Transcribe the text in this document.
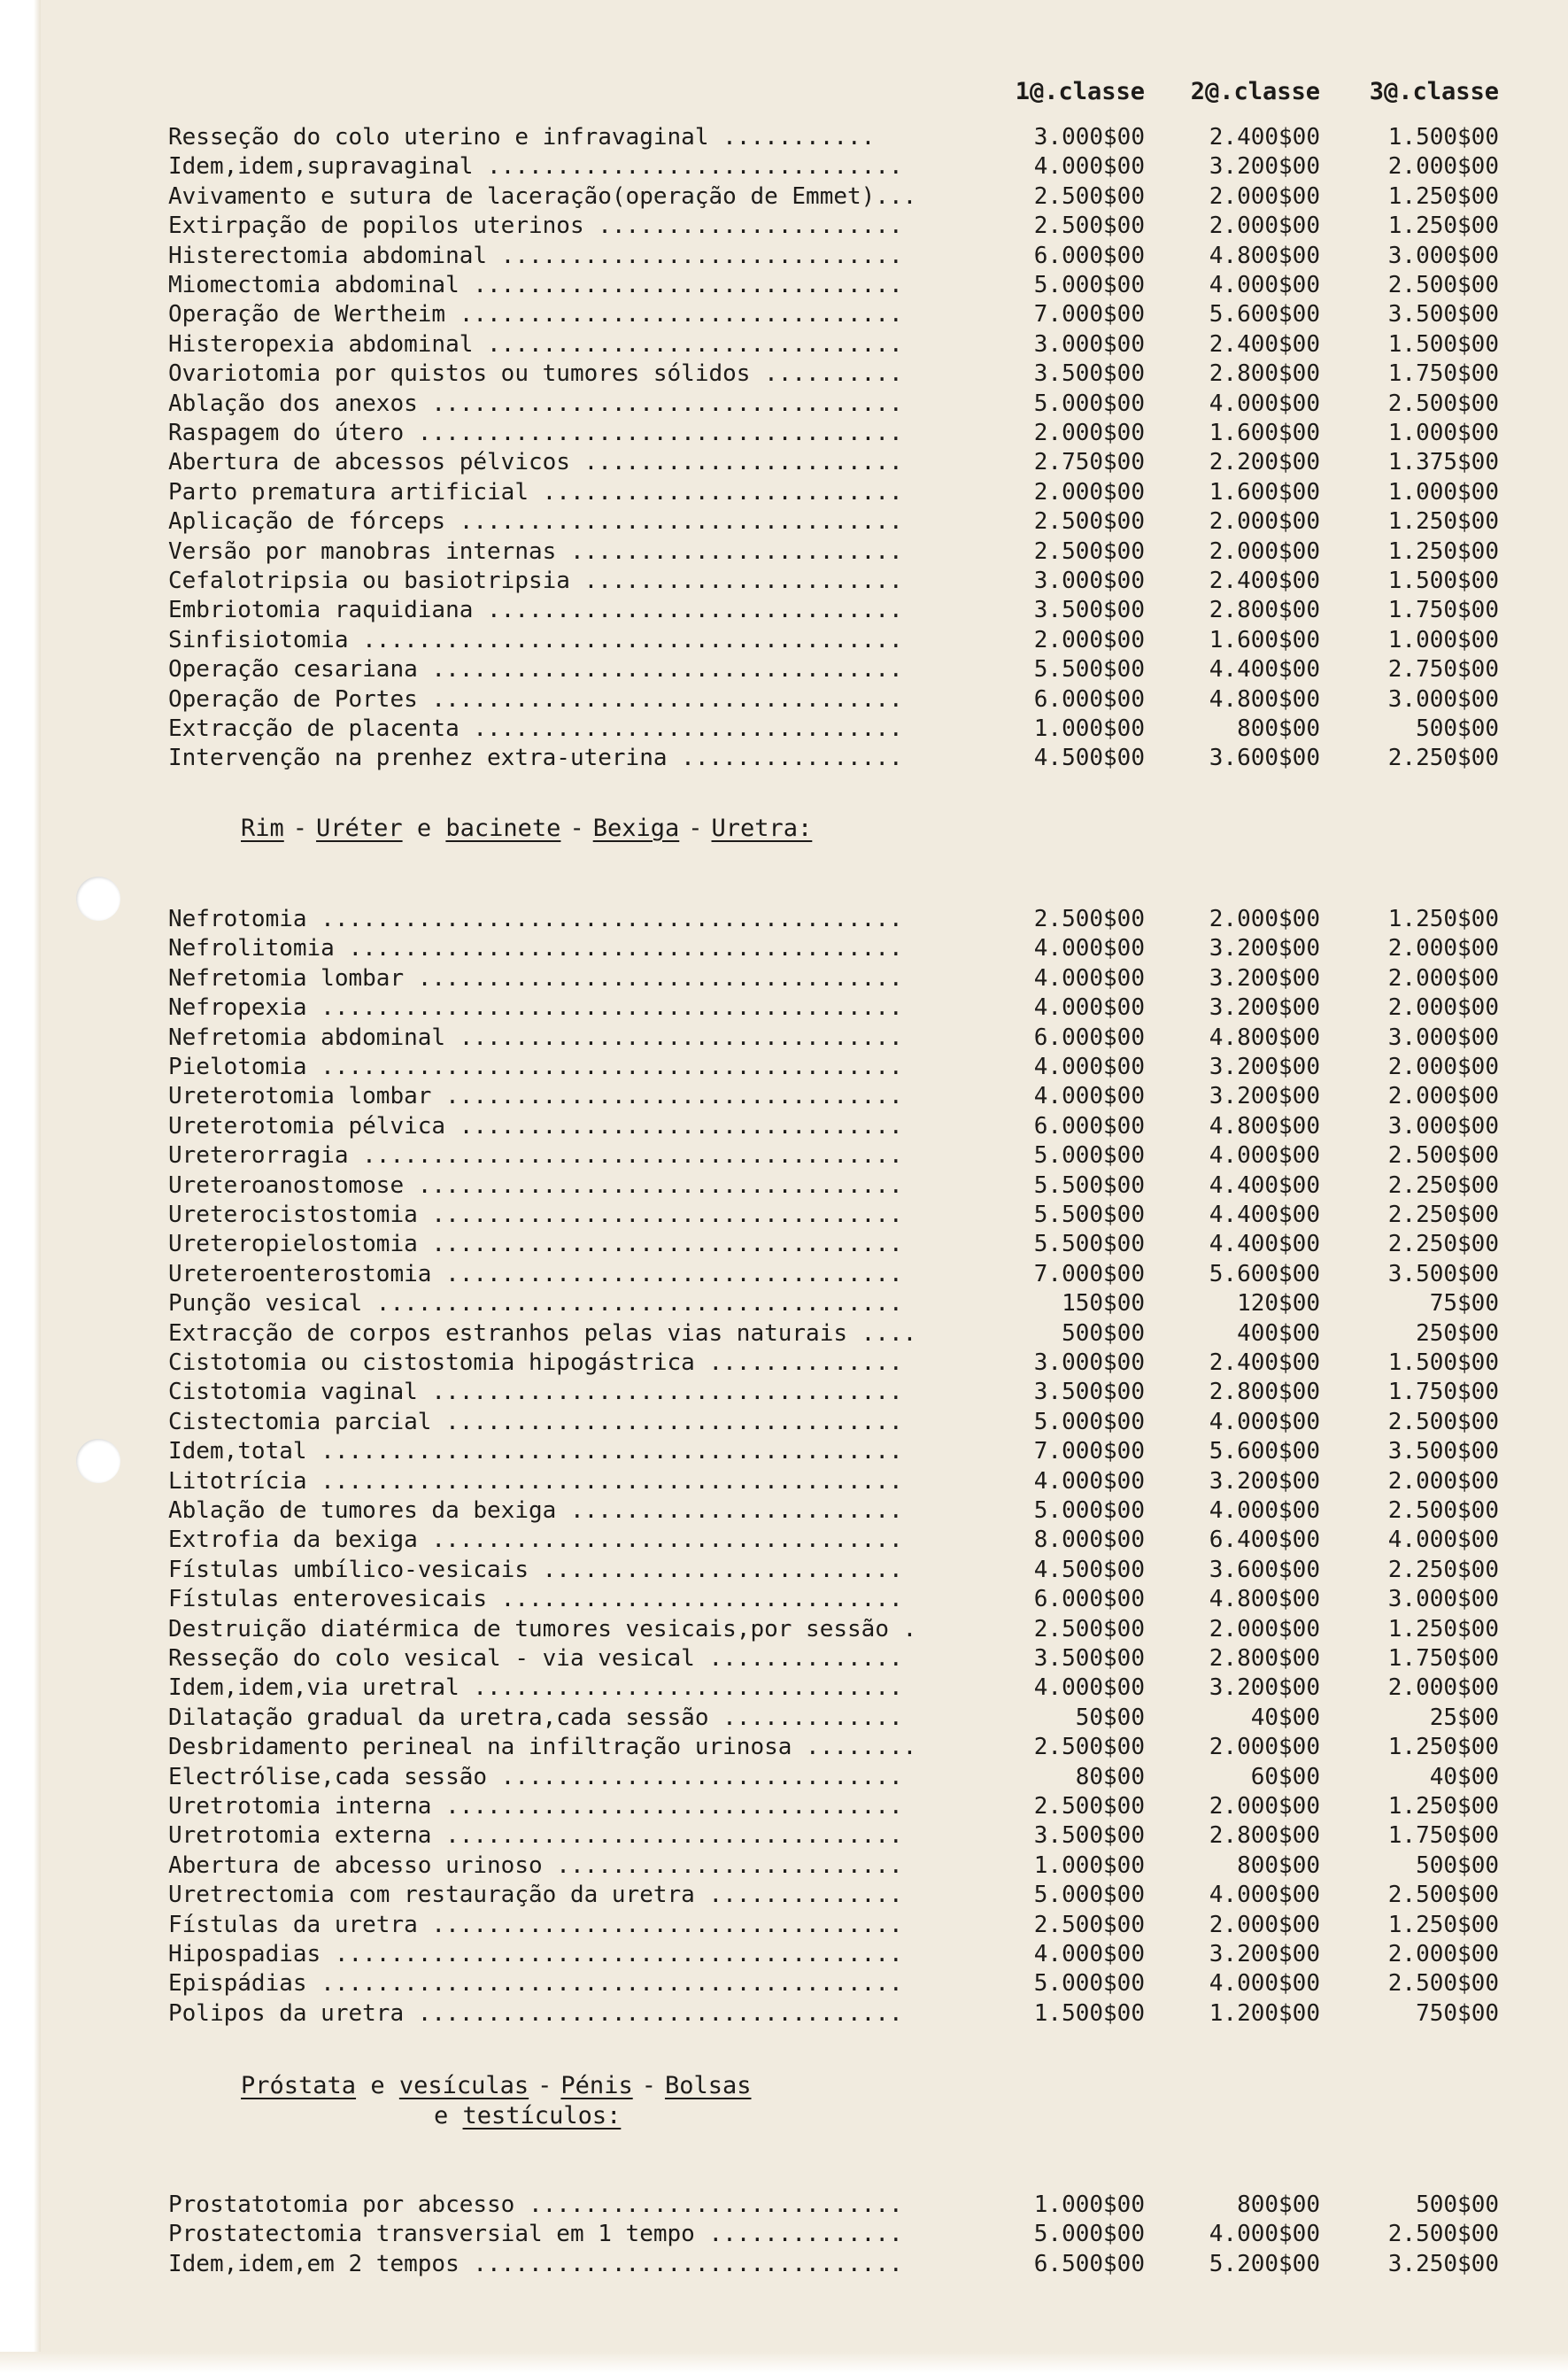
1@.classe 2@.classe 3@.classe
Resseção do colo uterino e infravaginal ...........	3.000$00	2.400$00	1.500$00
Idem,idem,supravaginal ..............................	4.000$00	3.200$00	2.000$00
Avivamento e sutura de laceração(operação de Emmet)...	2.500$00	2.000$00	1.250$00
Extirpação de popilos uterinos ......................	2.500$00	2.000$00	1.250$00
Histerectomia abdominal .............................	6.000$00	4.800$00	3.000$00
Miomectomia abdominal ...............................	5.000$00	4.000$00	2.500$00
Operação de Wertheim ................................	7.000$00	5.600$00	3.500$00
Histeropexia abdominal ..............................	3.000$00	2.400$00	1.500$00
Ovariotomia por quistos ou tumores sólidos ..........	3.500$00	2.800$00	1.750$00
Ablação dos anexos ..................................	5.000$00	4.000$00	2.500$00
Raspagem do útero ...................................	2.000$00	1.600$00	1.000$00
Abertura de abcessos pélvicos .......................	2.750$00	2.200$00	1.375$00
Parto prematura artificial ..........................	2.000$00	1.600$00	1.000$00
Aplicação de fórceps ................................	2.500$00	2.000$00	1.250$00
Versão por manobras internas ........................	2.500$00	2.000$00	1.250$00
Cefalotripsia ou basiotripsia .......................	3.000$00	2.400$00	1.500$00
Embriotomia raquidiana ..............................	3.500$00	2.800$00	1.750$00
Sinfisiotomia .......................................	2.000$00	1.600$00	1.000$00
Operação cesariana ..................................	5.500$00	4.400$00	2.750$00
Operação de Portes ..................................	6.000$00	4.800$00	3.000$00
Extracção de placenta ...............................	1.000$00	800$00	500$00
Intervenção na prenhez extra-uterina ................	4.500$00	3.600$00	2.250$00
Rim - Uréter e bacinete - Bexiga - Uretra:
Nefrotomia ..........................................	2.500$00	2.000$00	1.250$00
Nefrolitomia ........................................	4.000$00	3.200$00	2.000$00
Nefretomia lombar ...................................	4.000$00	3.200$00	2.000$00
Nefropexia ..........................................	4.000$00	3.200$00	2.000$00
Nefretomia abdominal ................................	6.000$00	4.800$00	3.000$00
Pielotomia ..........................................	4.000$00	3.200$00	2.000$00
Ureterotomia lombar .................................	4.000$00	3.200$00	2.000$00
Ureterotomia pélvica ................................	6.000$00	4.800$00	3.000$00
Ureterorragia .......................................	5.000$00	4.000$00	2.500$00
Ureteroanostomose ...................................	5.500$00	4.400$00	2.250$00
Ureterocistostomia ..................................	5.500$00	4.400$00	2.250$00
Ureteropielostomia ..................................	5.500$00	4.400$00	2.250$00
Ureteroenterostomia .................................	7.000$00	5.600$00	3.500$00
Punção vesical ......................................	150$00	120$00	75$00
Extracção de corpos estranhos pelas vias naturais ....	500$00	400$00	250$00
Cistotomia ou cistostomia hipogástrica ..............	3.000$00	2.400$00	1.500$00
Cistotomia vaginal ..................................	3.500$00	2.800$00	1.750$00
Cistectomia parcial .................................	5.000$00	4.000$00	2.500$00
Idem,total ..........................................	7.000$00	5.600$00	3.500$00
Litotrícia ..........................................	4.000$00	3.200$00	2.000$00
Ablação de tumores da bexiga ........................	5.000$00	4.000$00	2.500$00
Extrofia da bexiga ..................................	8.000$00	6.400$00	4.000$00
Fístulas umbílico-vesicais ..........................	4.500$00	3.600$00	2.250$00
Fístulas enterovesicais .............................	6.000$00	4.800$00	3.000$00
Destruição diatérmica de tumores vesicais,por sessão .	2.500$00	2.000$00	1.250$00
Resseção do colo vesical - via vesical ..............	3.500$00	2.800$00	1.750$00
Idem,idem,via uretral ...............................	4.000$00	3.200$00	2.000$00
Dilatação gradual da uretra,cada sessão .............	50$00	40$00	25$00
Desbridamento perineal na infiltração urinosa ........	2.500$00	2.000$00	1.250$00
Electrólise,cada sessão .............................	80$00	60$00	40$00
Uretrotomia interna .................................	2.500$00	2.000$00	1.250$00
Uretrotomia externa .................................	3.500$00	2.800$00	1.750$00
Abertura de abcesso urinoso .........................	1.000$00	800$00	500$00
Uretrectomia com restauração da uretra ..............	5.000$00	4.000$00	2.500$00
Fístulas da uretra ..................................	2.500$00	2.000$00	1.250$00
Hipospadias .........................................	4.000$00	3.200$00	2.000$00
Epispádias ..........................................	5.000$00	4.000$00	2.500$00
Polipos da uretra ...................................	1.500$00	1.200$00	750$00
Próstata e vesículas - Pénis - Bolsas
e testículos:
Prostatotomia por abcesso ...........................	1.000$00	800$00	500$00
Prostatectomia transversial em 1 tempo ..............	5.000$00	4.000$00	2.500$00
Idem,idem,em 2 tempos ...............................	6.500$00	5.200$00	3.250$00
